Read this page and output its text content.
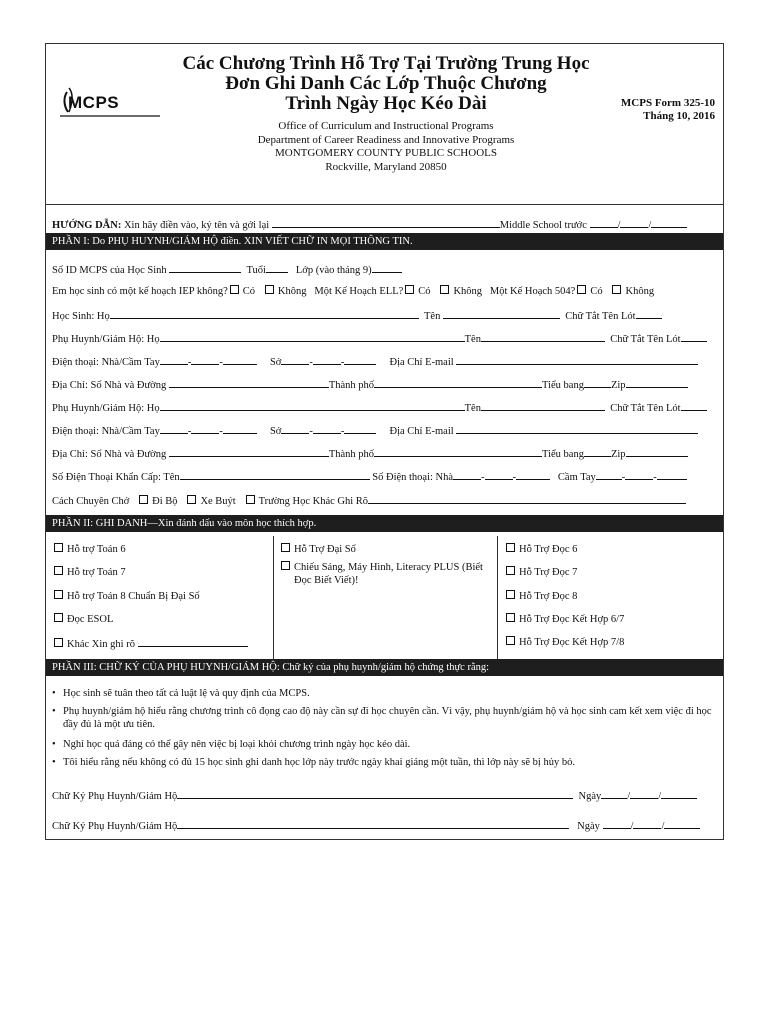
MCPS
Các Chương Trình Hỗ Trợ Tại Trường Trung Học
Đơn Ghi Danh Các Lớp Thuộc Chương
Trình Ngày Học Kéo Dài	MCPS Form 325-10
Tháng 10, 2016
Office of Curriculum and Instructional Programs
Department of Career Readiness and Innovative Programs
MONTGOMERY COUNTY PUBLIC SCHOOLS
Rockville, Maryland 20850
HƯỚNG DẪN: Xin hãy điền vào, ký tên và gởi lại	Middle School trước	/	/
PHẦN I: Do PHỤ HUYNH/GIÁM HỘ điền. XIN VIẾT CHỮ IN MỌI THÔNG TIN.
Số ID MCPS của Học Sinh	Tuổi	Lớp (vào tháng 9)
Em học sinh có một kế hoạch IEP không? Có Không Một Kế Hoạch ELL? Có Không Một Kế Hoạch 504? Có Không
Học Sinh: Họ	Tên	Chữ Tắt Tên Lót
Phụ Huynh/Giám Hộ: Họ	Tên	Chữ Tắt Tên Lót
Điện thoại: Nhà/Cầm Tay	-	-	Sở	-	-	Địa Chỉ E-mail
Địa Chỉ: Số Nhà và Đường	Thành phố	Tiểu bang	Zip
Phụ Huynh/Giám Hộ: Họ	Tên	Chữ Tắt Tên Lót
Điện thoại: Nhà/Cầm Tay	-	-	Sở	-	-	Địa Chỉ E-mail
Địa Chỉ: Số Nhà và Đường	Thành phố	Tiểu bang	Zip
Số Điện Thoại Khẩn Cấp: Tên	Số Điện thoại: Nhà	-	-	Cầm Tay -	-
Cách Chuyên Chở Đi Bộ Xe Buýt Trường Học Khác Ghi Rõ
PHẦN II: GHI DANH—Xin đánh dấu vào môn học thích hợp.
Hỗ trợ Toán 6
Hỗ trợ Toán 7
Hỗ trợ Toán 8 Chuẩn Bị Đại Số
Đọc ESOL
Khác Xin ghi rõ
Hỗ Trợ Đại Số
Chiếu Sáng, Máy Hình, Literacy PLUS (Biết
Đọc Biết Viết)!
Hỗ Trợ Đọc 6
Hỗ Trợ Đọc 7
Hỗ Trợ Đọc 8
Hỗ Trợ Đọc Kết Hợp 6/7
Hỗ Trợ Đọc Kết Hợp 7/8
PHẦN III: CHỮ KÝ CỦA PHỤ HUYNH/GIÁM HỘ: Chữ ký của phụ huynh/giám hộ chứng thực rằng:
• Học sinh sẽ tuân theo tất cả luật lệ và quy định của MCPS.
• Phụ huynh/giám hộ hiểu rằng chương trình cô đọng cao độ này cần sự đi học chuyên cần. Vì vậy, phụ huynh/giám hộ và học sinh cam kết xem việc đi học đầy đủ là một ưu tiên.
• Nghỉ học quá đáng có thể gây nên việc bị loại khỏi chương trình ngày học kéo dài.
• Tôi hiểu rằng nếu không có đủ 15 học sinh ghi danh học lớp này trước ngày khai giảng một tuần, thì lớp này sẽ bị hủy bỏ.
Chữ Ký Phụ Huynh/Giám Hộ	Ngày /	/
Chữ Ký Phụ Huynh/Giám Hộ	Ngày	/	/
